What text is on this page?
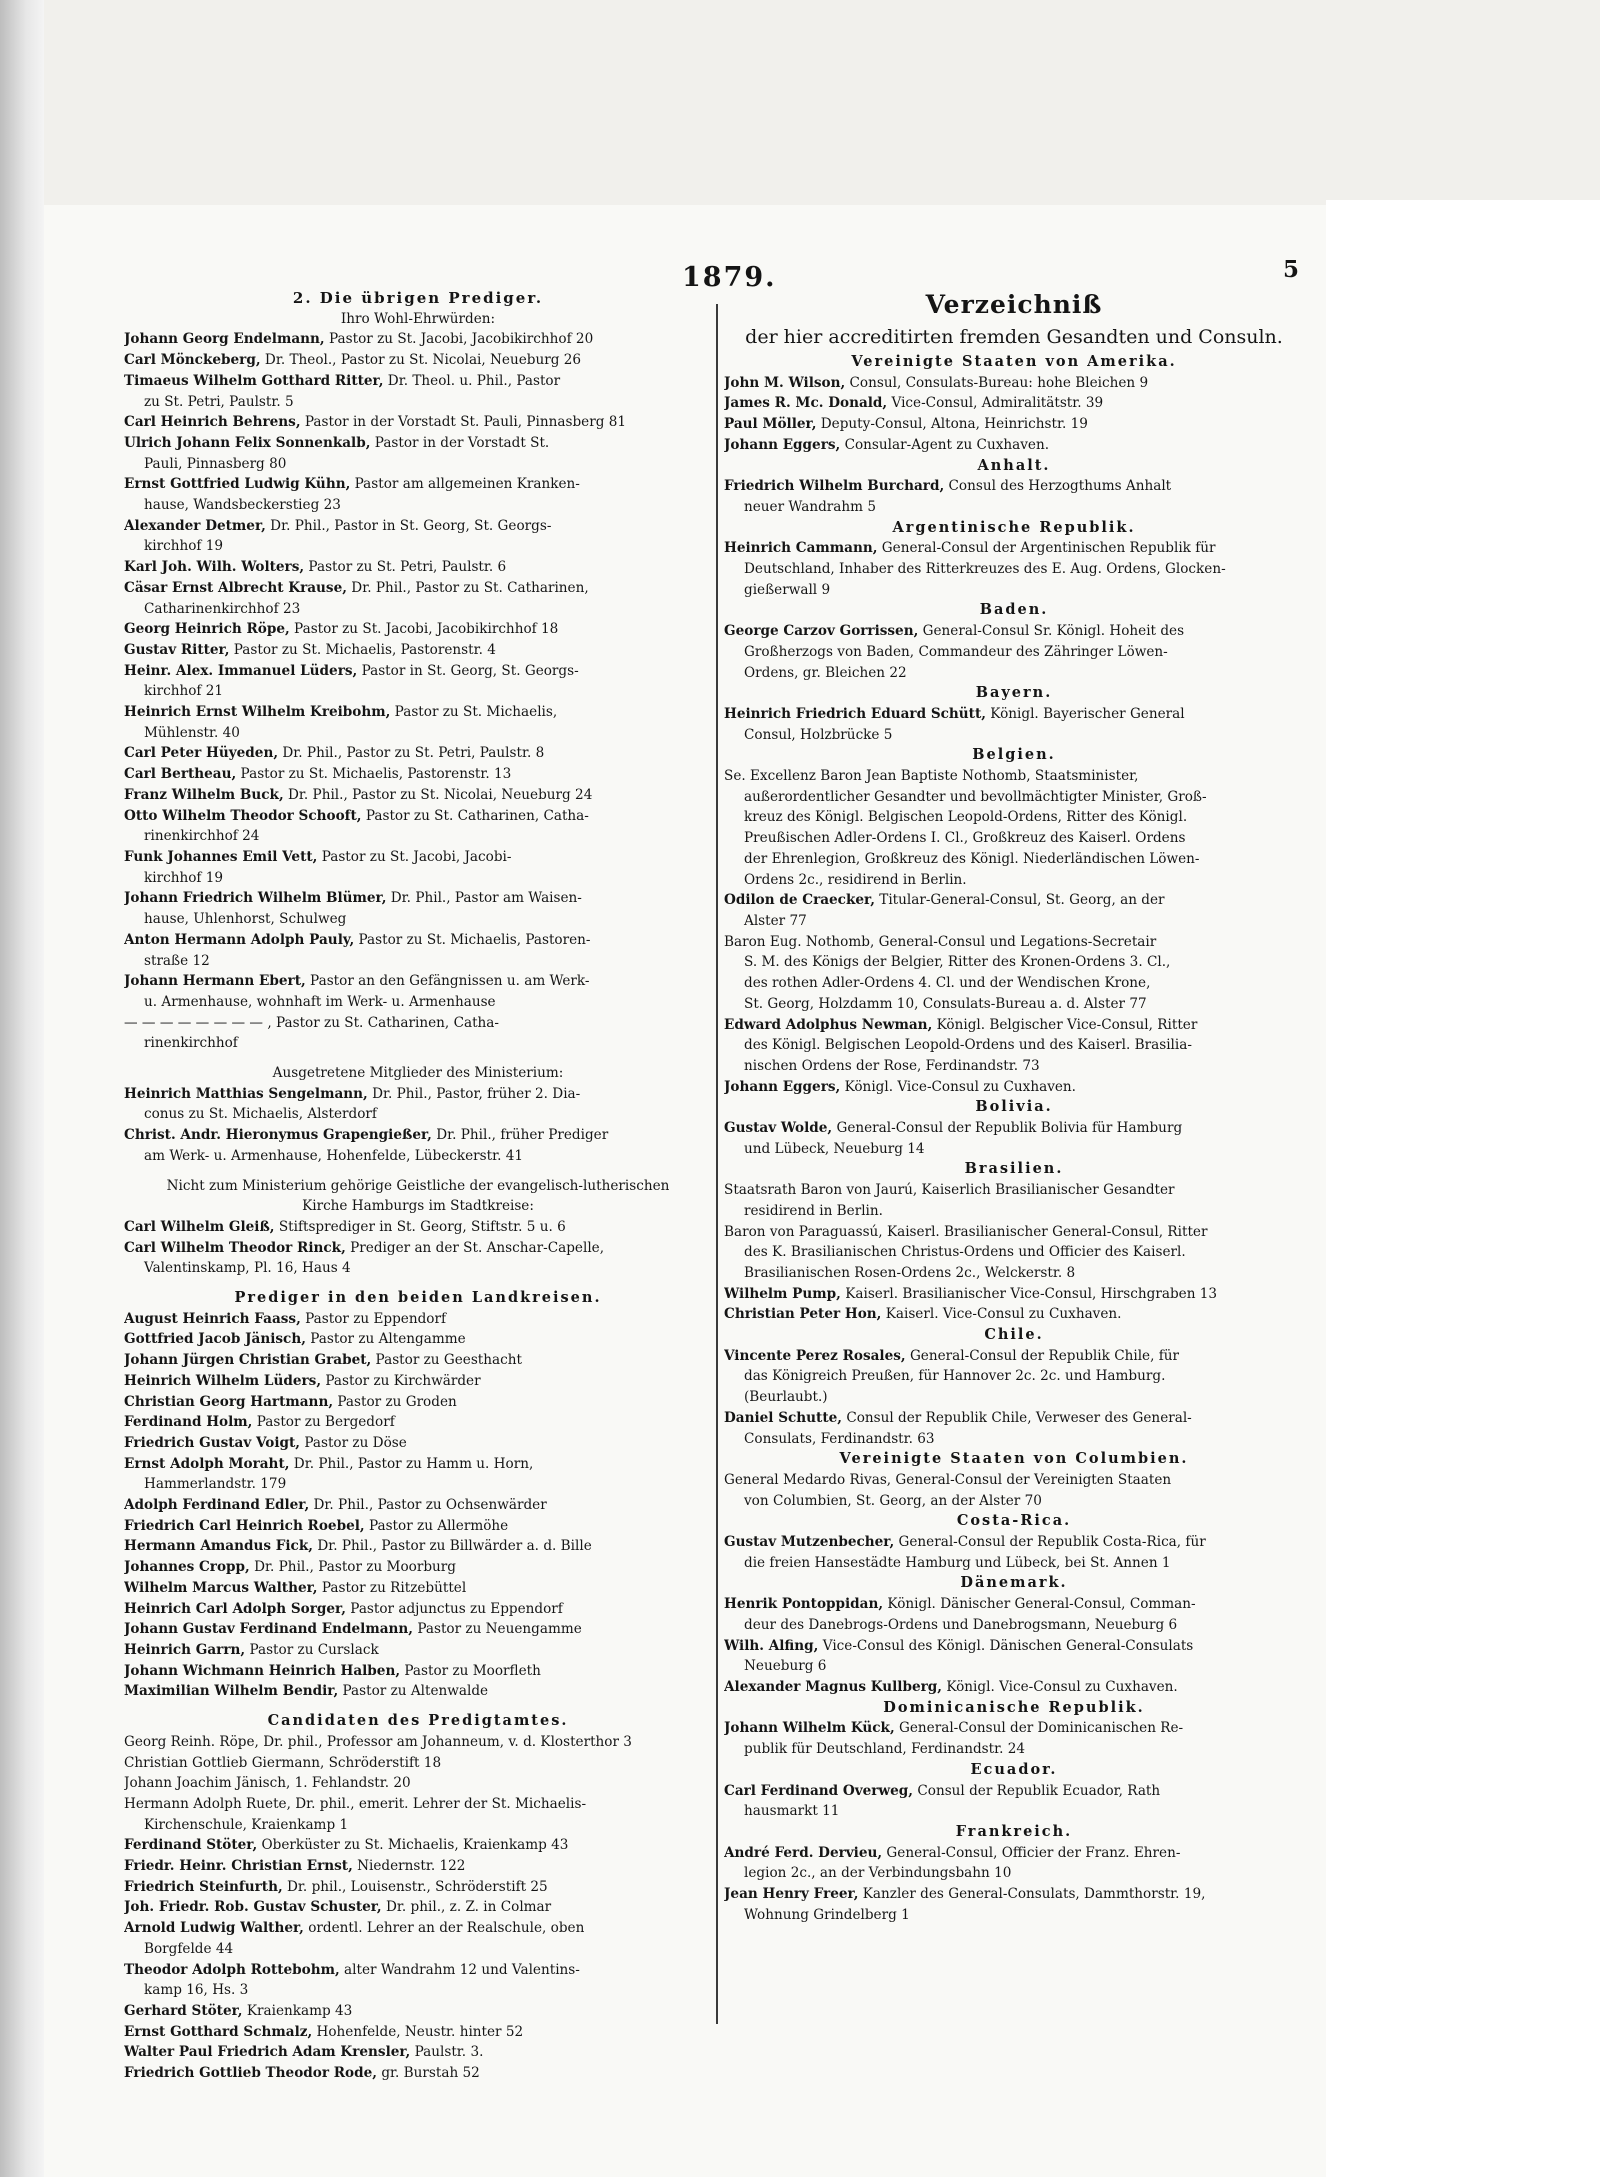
1879.	5
2. Die übrigen Prediger.
Ihro Wohl-Ehrwürden:
Johann Georg Endelmann, Pastor zu St. Jacobi, Jacobikirchhof 20
Carl Mönckeberg, Dr. Theol., Pastor zu St. Nicolai, Neueburg 26
Timaeus Wilhelm Gotthard Ritter, Dr. Theol. u. Phil., Pastor
zu St. Petri, Paulstr. 5
Carl Heinrich Behrens, Pastor in der Vorstadt St. Pauli, Pinnasberg 81
Ulrich Johann Felix Sonnenkalb, Pastor in der Vorstadt St.
Pauli, Pinnasberg 80
Ernst Gottfried Ludwig Kühn, Pastor am allgemeinen Kranken-
hause, Wandsbeckerstieg 23
Alexander Detmer, Dr. Phil., Pastor in St. Georg, St. Georgs-
kirchhof 19
Karl Joh. Wilh. Wolters, Pastor zu St. Petri, Paulstr. 6
Cäsar Ernst Albrecht Krause, Dr. Phil., Pastor zu St. Catharinen,
Catharinenkirchhof 23
Georg Heinrich Röpe, Pastor zu St. Jacobi, Jacobikirchhof 18
Gustav Ritter, Pastor zu St. Michaelis, Pastorenstr. 4
Heinr. Alex. Immanuel Lüders, Pastor in St. Georg, St. Georgs-
kirchhof 21
Heinrich Ernst Wilhelm Kreibohm, Pastor zu St. Michaelis,
Mühlenstr. 40
Carl Peter Hüyeden, Dr. Phil., Pastor zu St. Petri, Paulstr. 8
Carl Bertheau, Pastor zu St. Michaelis, Pastorenstr. 13
Franz Wilhelm Buck, Dr. Phil., Pastor zu St. Nicolai, Neueburg 24
Otto Wilhelm Theodor Schooft, Pastor zu St. Catharinen, Catha-
rinenkirchhof 24
Funk Johannes Emil Vett, Pastor zu St. Jacobi, Jacobi-
kirchhof 19
Johann Friedrich Wilhelm Blümer, Dr. Phil., Pastor am Waisen-
hause, Uhlenhorst, Schulweg
Anton Hermann Adolph Pauly, Pastor zu St. Michaelis, Pastoren-
straße 12
Johann Hermann Ebert, Pastor an den Gefängnissen u. am Werk-
u. Armenhause, wohnhaft im Werk- u. Armenhause
— — — — — — — — , Pastor zu St. Catharinen, Catha-
rinenkirchhof
Ausgetretene Mitglieder des Ministerium:
Heinrich Matthias Sengelmann, Dr. Phil., Pastor, früher 2. Dia-
conus zu St. Michaelis, Alsterdorf
Christ. Andr. Hieronymus Grapengießer, Dr. Phil., früher Prediger
am Werk- u. Armenhause, Hohenfelde, Lübeckerstr. 41
Nicht zum Ministerium gehörige Geistliche der evangelisch-lutherischen
Kirche Hamburgs im Stadtkreise:
Carl Wilhelm Gleiß, Stiftsprediger in St. Georg, Stiftstr. 5 u. 6
Carl Wilhelm Theodor Rinck, Prediger an der St. Anschar-Capelle,
Valentinskamp, Pl. 16, Haus 4
Prediger in den beiden Landkreisen.
August Heinrich Faass, Pastor zu Eppendorf
Gottfried Jacob Jänisch, Pastor zu Altengamme
Johann Jürgen Christian Grabet, Pastor zu Geesthacht
Heinrich Wilhelm Lüders, Pastor zu Kirchwärder
Christian Georg Hartmann, Pastor zu Groden
Ferdinand Holm, Pastor zu Bergedorf
Friedrich Gustav Voigt, Pastor zu Döse
Ernst Adolph Moraht, Dr. Phil., Pastor zu Hamm u. Horn,
Hammerlandstr. 179
Adolph Ferdinand Edler, Dr. Phil., Pastor zu Ochsenwärder
Friedrich Carl Heinrich Roebel, Pastor zu Allermöhe
Hermann Amandus Fick, Dr. Phil., Pastor zu Billwärder a. d. Bille
Johannes Cropp, Dr. Phil., Pastor zu Moorburg
Wilhelm Marcus Walther, Pastor zu Ritzebüttel
Heinrich Carl Adolph Sorger, Pastor adjunctus zu Eppendorf
Johann Gustav Ferdinand Endelmann, Pastor zu Neuengamme
Heinrich Garrn, Pastor zu Curslack
Johann Wichmann Heinrich Halben, Pastor zu Moorfleth
Maximilian Wilhelm Bendir, Pastor zu Altenwalde
Candidaten des Predigtamtes.
Georg Reinh. Röpe, Dr. phil., Professor am Johanneum, v. d. Klosterthor 3
Christian Gottlieb Giermann, Schröderstift 18
Johann Joachim Jänisch, 1. Fehlandstr. 20
Hermann Adolph Ruete, Dr. phil., emerit. Lehrer der St. Michaelis-
Kirchenschule, Kraienkamp 1
Ferdinand Stöter, Oberküster zu St. Michaelis, Kraienkamp 43
Friedr. Heinr. Christian Ernst, Niedernstr. 122
Friedrich Steinfurth, Dr. phil., Louisenstr., Schröderstift 25
Joh. Friedr. Rob. Gustav Schuster, Dr. phil., z. Z. in Colmar
Arnold Ludwig Walther, ordentl. Lehrer an der Realschule, oben
Borgfelde 44
Theodor Adolph Rottebohm, alter Wandrahm 12 und Valentins-
kamp 16, Hs. 3
Gerhard Stöter, Kraienkamp 43
Ernst Gotthard Schmalz, Hohenfelde, Neustr. hinter 52
Walter Paul Friedrich Adam Krensler, Paulstr. 3.
Friedrich Gottlieb Theodor Rode, gr. Burstah 52
Verzeichniß
der hier accreditirten fremden Gesandten und Consuln.
Vereinigte Staaten von Amerika.
John M. Wilson, Consul, Consulats-Bureau: hohe Bleichen 9
James R. Mc. Donald, Vice-Consul, Admiralitätstr. 39
Paul Möller, Deputy-Consul, Altona, Heinrichstr. 19
Johann Eggers, Consular-Agent zu Cuxhaven.
Anhalt.
Friedrich Wilhelm Burchard, Consul des Herzogthums Anhalt
neuer Wandrahm 5
Argentinische Republik.
Heinrich Cammann, General-Consul der Argentinischen Republik für
Deutschland, Inhaber des Ritterkreuzes des E. Aug. Ordens, Glocken-
gießerwall 9
Baden.
George Carzov Gorrissen, General-Consul Sr. Königl. Hoheit des
Großherzogs von Baden, Commandeur des Zähringer Löwen-
Ordens, gr. Bleichen 22
Bayern.
Heinrich Friedrich Eduard Schütt, Königl. Bayerischer General
Consul, Holzbrücke 5
Belgien.
Se. Excellenz Baron Jean Baptiste Nothomb, Staatsminister,
außerordentlicher Gesandter und bevollmächtigter Minister, Groß-
kreuz des Königl. Belgischen Leopold-Ordens, Ritter des Königl.
Preußischen Adler-Ordens I. Cl., Großkreuz des Kaiserl. Ordens
der Ehrenlegion, Großkreuz des Königl. Niederländischen Löwen-
Ordens 2c., residirend in Berlin.
Odilon de Craecker, Titular-General-Consul, St. Georg, an der
Alster 77
Baron Eug. Nothomb, General-Consul und Legations-Secretair
S. M. des Königs der Belgier, Ritter des Kronen-Ordens 3. Cl.,
des rothen Adler-Ordens 4. Cl. und der Wendischen Krone,
St. Georg, Holzdamm 10, Consulats-Bureau a. d. Alster 77
Edward Adolphus Newman, Königl. Belgischer Vice-Consul, Ritter
des Königl. Belgischen Leopold-Ordens und des Kaiserl. Brasilia-
nischen Ordens der Rose, Ferdinandstr. 73
Johann Eggers, Königl. Vice-Consul zu Cuxhaven.
Bolivia.
Gustav Wolde, General-Consul der Republik Bolivia für Hamburg
und Lübeck, Neueburg 14
Brasilien.
Staatsrath Baron von Jaurú, Kaiserlich Brasilianischer Gesandter
residirend in Berlin.
Baron von Paraguassú, Kaiserl. Brasilianischer General-Consul, Ritter
des K. Brasilianischen Christus-Ordens und Officier des Kaiserl.
Brasilianischen Rosen-Ordens 2c., Welckerstr. 8
Wilhelm Pump, Kaiserl. Brasilianischer Vice-Consul, Hirschgraben 13
Christian Peter Hon, Kaiserl. Vice-Consul zu Cuxhaven.
Chile.
Vincente Perez Rosales, General-Consul der Republik Chile, für
das Königreich Preußen, für Hannover 2c. 2c. und Hamburg.
(Beurlaubt.)
Daniel Schutte, Consul der Republik Chile, Verweser des General-
Consulats, Ferdinandstr. 63
Vereinigte Staaten von Columbien.
General Medardo Rivas, General-Consul der Vereinigten Staaten
von Columbien, St. Georg, an der Alster 70
Costa-Rica.
Gustav Mutzenbecher, General-Consul der Republik Costa-Rica, für
die freien Hansestädte Hamburg und Lübeck, bei St. Annen 1
Dänemark.
Henrik Pontoppidan, Königl. Dänischer General-Consul, Comman-
deur des Danebrogs-Ordens und Danebrogsmann, Neueburg 6
Wilh. Alfing, Vice-Consul des Königl. Dänischen General-Consulats
Neueburg 6
Alexander Magnus Kullberg, Königl. Vice-Consul zu Cuxhaven.
Dominicanische Republik.
Johann Wilhelm Kück, General-Consul der Dominicanischen Re-
publik für Deutschland, Ferdinandstr. 24
Ecuador.
Carl Ferdinand Overweg, Consul der Republik Ecuador, Rath
hausmarkt 11
Frankreich.
André Ferd. Dervieu, General-Consul, Officier der Franz. Ehren-
legion 2c., an der Verbindungsbahn 10
Jean Henry Freer, Kanzler des General-Consulats, Dammthorstr. 19,
Wohnung Grindelberg 1
